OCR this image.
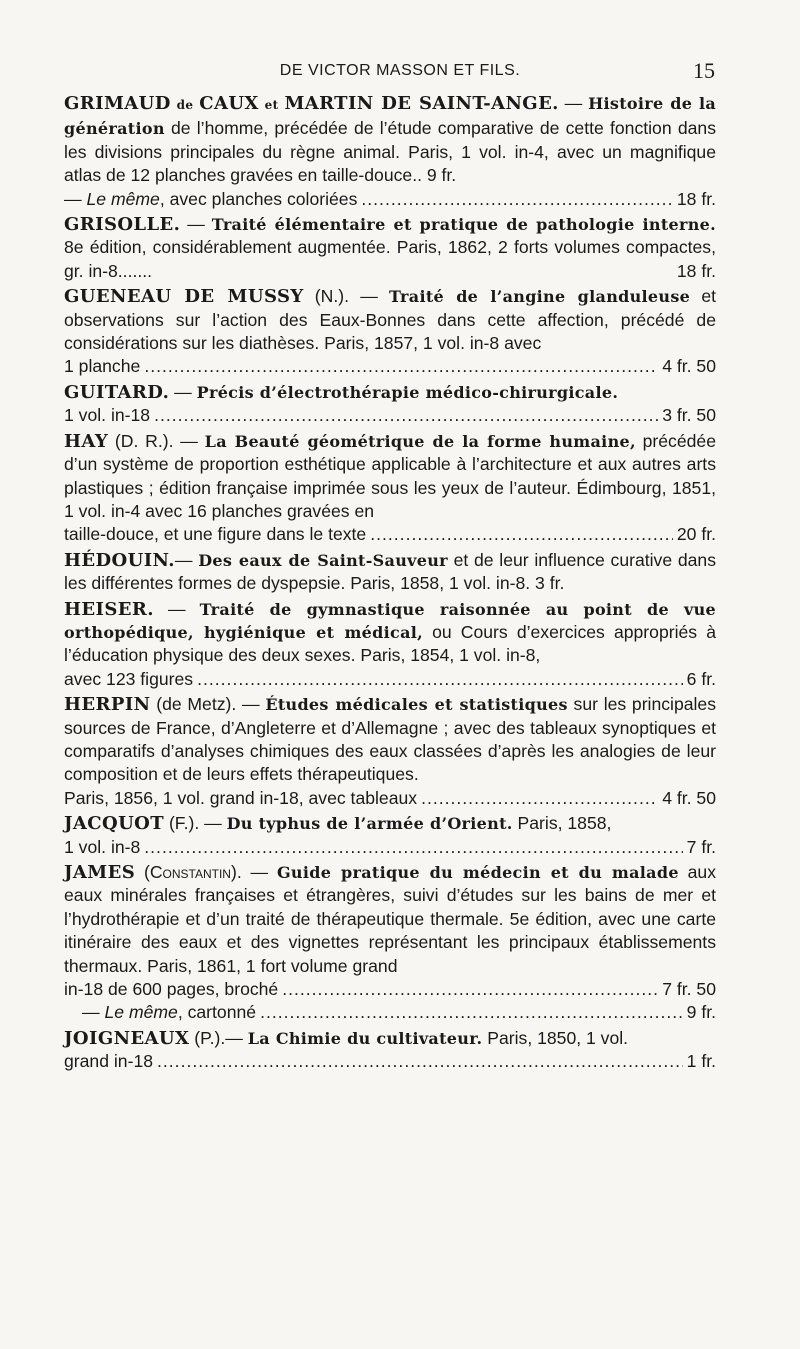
DE VICTOR MASSON ET FILS.	15

GRIMAUD de CAUX et MARTIN DE SAINT-ANGE. — Histoire de la génération de l’homme, précédée de l’étude comparative de cette fonction dans les divisions principales du règne animal. Paris, 1 vol. in-4, avec un magnifique atlas de 12 planches gravées en taille-douce.. 9 fr.

— Le même, avec planches coloriées .....	18 fr.
GRISOLLE. — Traité élémentaire et pratique de pathologie interne. 8e édition, considérablement augmentée. Paris, 1862, 2 forts volumes compactes, gr. in-8.......	18 fr.

GUENEAU DE MUSSY (N.). — Traité de l’angine glanduleuse et observations sur l’action des Eaux-Bonnes dans cette affection, précédé de considérations sur les diathèses. Paris, 1857, 1 vol. in-8 avec

1 planche .....	4 fr. 50

GUITARD. — Précis d’électrothérapie médico-chirurgicale.

1 vol. in-18 .....	3 fr. 50

HAY (D. R.). — La Beauté géométrique de la forme humaine, précédée d’un système de proportion esthétique applicable à l’architecture et aux autres arts plastiques ; édition française imprimée sous les yeux de l’auteur. Édimbourg, 1851, 1 vol. in-4 avec 16 planches gravées en

taille-douce, et une figure dans le texte .....	20 fr.

HÉDOUIN.— Des eaux de Saint-Sauveur et de leur influence curative dans les différentes formes de dyspepsie. Paris, 1858, 1 vol. in-8. 3 fr.

HEISER. — Traité de gymnastique raisonnée au point de vue orthopédique, hygiénique et médical, ou Cours d’exercices appropriés à l’éducation physique des deux sexes. Paris, 1854, 1 vol. in-8,

avec 123 figures .....	6 fr.

HERPIN (de Metz). — Études médicales et statistiques sur les principales sources de France, d’Angleterre et d’Allemagne ; avec des tableaux synoptiques et comparatifs d’analyses chimiques des eaux classées d’après les analogies de leur composition et de leurs effets thérapeutiques.

Paris, 1856, 1 vol. grand in-18, avec tableaux .....	4 fr. 50

JACQUOT (F.). — Du typhus de l’armée d’Orient. Paris, 1858,

1 vol. in-8 .....	7 fr.

JAMES (Constantin). — Guide pratique du médecin et du malade aux eaux minérales françaises et étrangères, suivi d’études sur les bains de mer et l’hydrothérapie et d’un traité de thérapeutique thermale. 5e édition, avec une carte itinéraire des eaux et des vignettes représentant les principaux établissements thermaux. Paris, 1861, 1 fort volume grand

in-18 de 600 pages, broché .....	7 fr. 50
— Le même, cartonné .....	9 fr.

JOIGNEAUX (P.).— La Chimie du cultivateur. Paris, 1850, 1 vol.

grand in-18 .....	1 fr.
